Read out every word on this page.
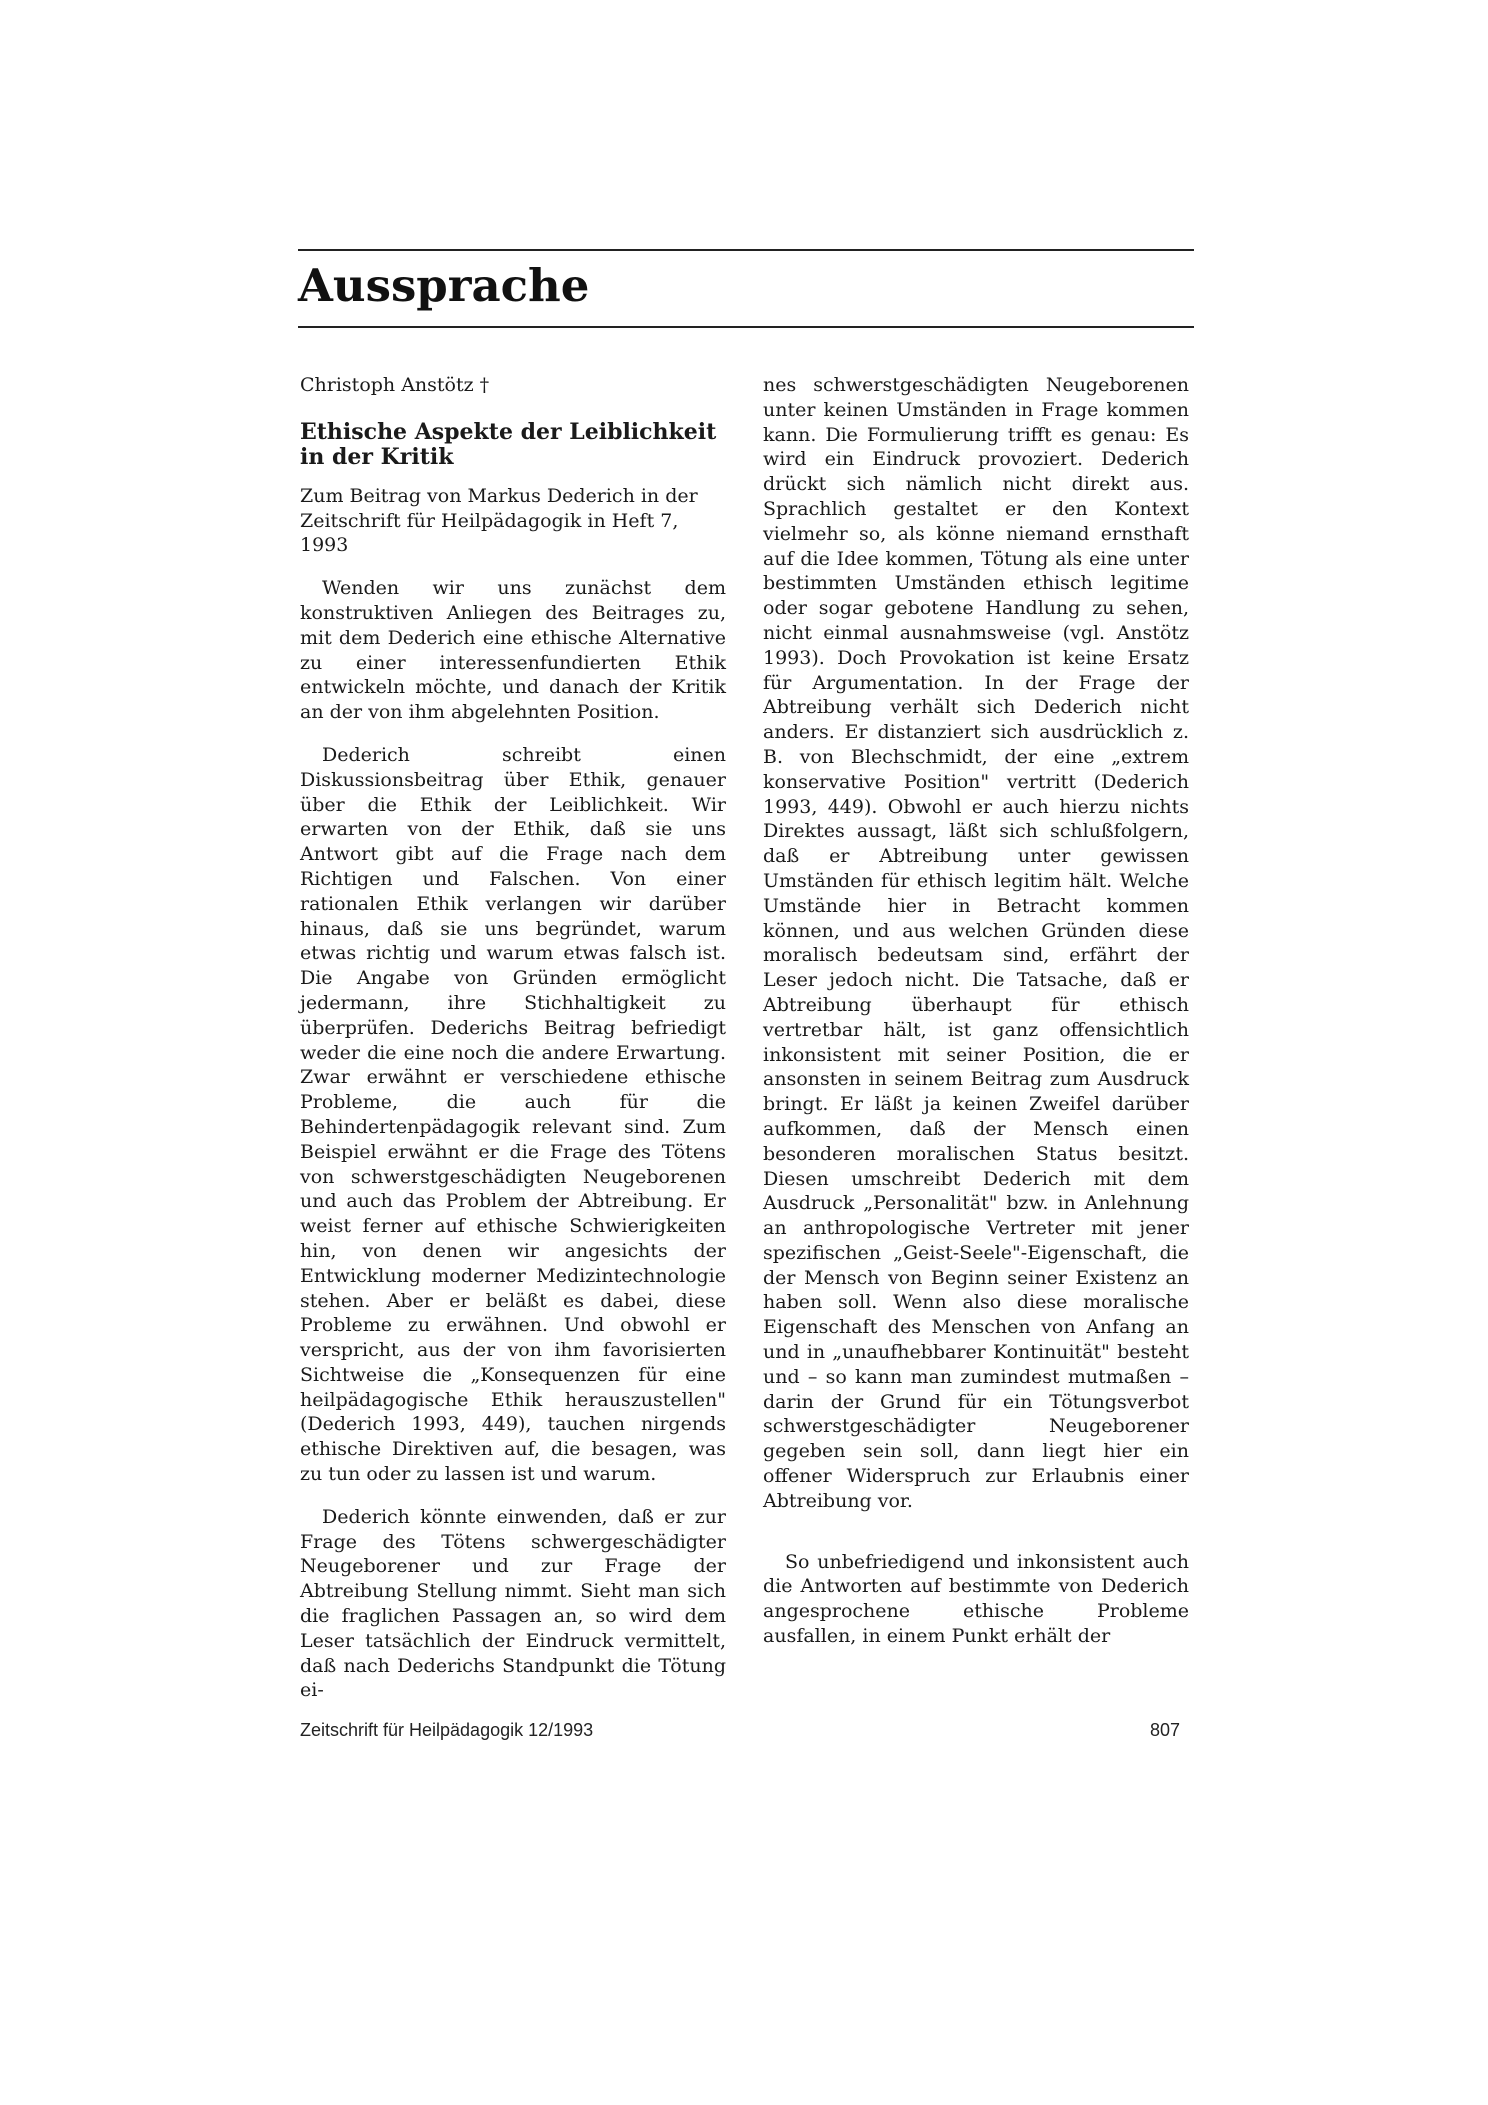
Aussprache

Christoph Anstötz †

Ethische Aspekte der Leiblichkeit in der Kritik

Zum Beitrag von Markus Dederich in der Zeitschrift für Heilpädagogik in Heft 7, 1993

Wenden wir uns zunächst dem konstruktiven Anliegen des Beitrages zu, mit dem Dederich eine ethische Alternative zu einer interessenfundierten Ethik entwickeln möchte, und danach der Kritik an der von ihm abgelehnten Position.

Dederich schreibt einen Diskussionsbeitrag über Ethik, genauer über die Ethik der Leiblichkeit. Wir erwarten von der Ethik, daß sie uns Antwort gibt auf die Frage nach dem Richtigen und Falschen. Von einer rationalen Ethik verlangen wir darüber hinaus, daß sie uns begründet, warum etwas richtig und warum etwas falsch ist. Die Angabe von Gründen ermöglicht jedermann, ihre Stichhaltigkeit zu überprüfen. Dederichs Beitrag befriedigt weder die eine noch die andere Erwartung. Zwar erwähnt er verschiedene ethische Probleme, die auch für die Behindertenpädagogik relevant sind. Zum Beispiel erwähnt er die Frage des Tötens von schwerstgeschädigten Neugeborenen und auch das Problem der Abtreibung. Er weist ferner auf ethische Schwierigkeiten hin, von denen wir angesichts der Entwicklung moderner Medizintechnologie stehen. Aber er beläßt es dabei, diese Probleme zu erwähnen. Und obwohl er verspricht, aus der von ihm favorisierten Sichtweise die „Konsequenzen für eine heilpädagogische Ethik herauszustellen" (Dederich 1993, 449), tauchen nirgends ethische Direktiven auf, die besagen, was zu tun oder zu lassen ist und warum.

Dederich könnte einwenden, daß er zur Frage des Tötens schwergeschädigter Neugeborener und zur Frage der Abtreibung Stellung nimmt. Sieht man sich die fraglichen Passagen an, so wird dem Leser tatsächlich der Eindruck vermittelt, daß nach Dederichs Standpunkt die Tötung ei-

nes schwerstgeschädigten Neugeborenen unter keinen Umständen in Frage kommen kann. Die Formulierung trifft es genau: Es wird ein Eindruck provoziert. Dederich drückt sich nämlich nicht direkt aus. Sprachlich gestaltet er den Kontext vielmehr so, als könne niemand ernsthaft auf die Idee kommen, Tötung als eine unter bestimmten Umständen ethisch legitime oder sogar gebotene Handlung zu sehen, nicht einmal ausnahmsweise (vgl. Anstötz 1993). Doch Provokation ist keine Ersatz für Argumentation. In der Frage der Abtreibung verhält sich Dederich nicht anders. Er distanziert sich ausdrücklich z. B. von Blechschmidt, der eine „extrem konservative Position" vertritt (Dederich 1993, 449). Obwohl er auch hierzu nichts Direktes aussagt, läßt sich schlußfolgern, daß er Abtreibung unter gewissen Umständen für ethisch legitim hält. Welche Umstände hier in Betracht kommen können, und aus welchen Gründen diese moralisch bedeutsam sind, erfährt der Leser jedoch nicht. Die Tatsache, daß er Abtreibung überhaupt für ethisch vertretbar hält, ist ganz offensichtlich inkonsistent mit seiner Position, die er ansonsten in seinem Beitrag zum Ausdruck bringt. Er läßt ja keinen Zweifel darüber aufkommen, daß der Mensch einen besonderen moralischen Status besitzt. Diesen umschreibt Dederich mit dem Ausdruck „Personalität" bzw. in Anlehnung an anthropologische Vertreter mit jener spezifischen „Geist-Seele"-Eigenschaft, die der Mensch von Beginn seiner Existenz an haben soll. Wenn also diese moralische Eigenschaft des Menschen von Anfang an und in „unaufhebbarer Kontinuität" besteht und – so kann man zumindest mutmaßen – darin der Grund für ein Tötungsverbot schwerstgeschädigter Neugeborener gegeben sein soll, dann liegt hier ein offener Widerspruch zur Erlaubnis einer Abtreibung vor.

So unbefriedigend und inkonsistent auch die Antworten auf bestimmte von Dederich angesprochene ethische Probleme ausfallen, in einem Punkt erhält der

Zeitschrift für Heilpädagogik 12/1993	807
